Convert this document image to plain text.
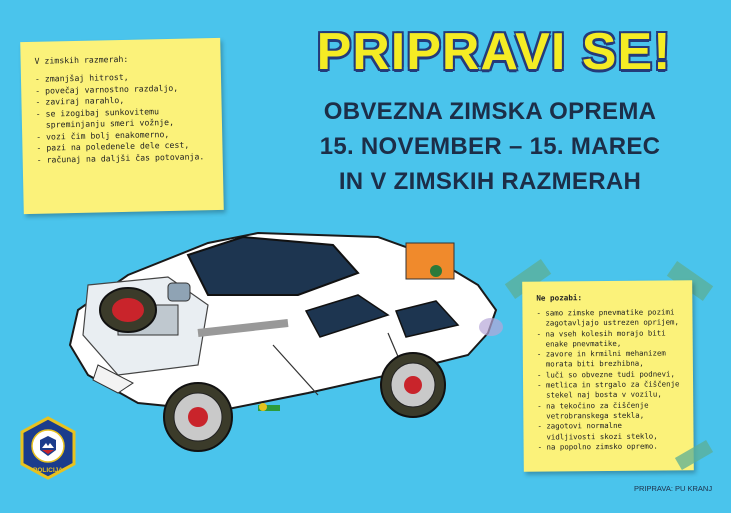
V zimskih razmerah:
- zmanjšaj hitrost,
- povečaj varnostno razdaljo,
- zaviraj narahlo,
- se izogibaj sunkovitemu
spreminjanju smeri vožnje,
- vozi čim bolj enakomerno,
- pazi na poledenele dele cest,
- računaj na daljši čas potovanja.
PRIPRAVI SE!
OBVEZNA ZIMSKA OPREMA
15. NOVEMBER – 15. MAREC
IN V ZIMSKIH RAZMERAH
Ne pozabi:
- samo zimske pnevmatike pozimi
zagotavljajo ustrezen oprijem,
- na vseh kolesih morajo biti
enake pnevmatike,
- zavore in krmilni mehanizem
morata biti brezhibna,
- luči so obvezne tudi podnevi,
- metlica in strgalo za čiščenje
stekel naj bosta v vozilu,
- na tekočino za čiščenje
vetrobranskega stekla,
- zagotovi normalne
vidljivosti skozi steklo,
- na popolno zimsko opremo.
POLICIJA
PRIPRAVA: PU KRANJ
